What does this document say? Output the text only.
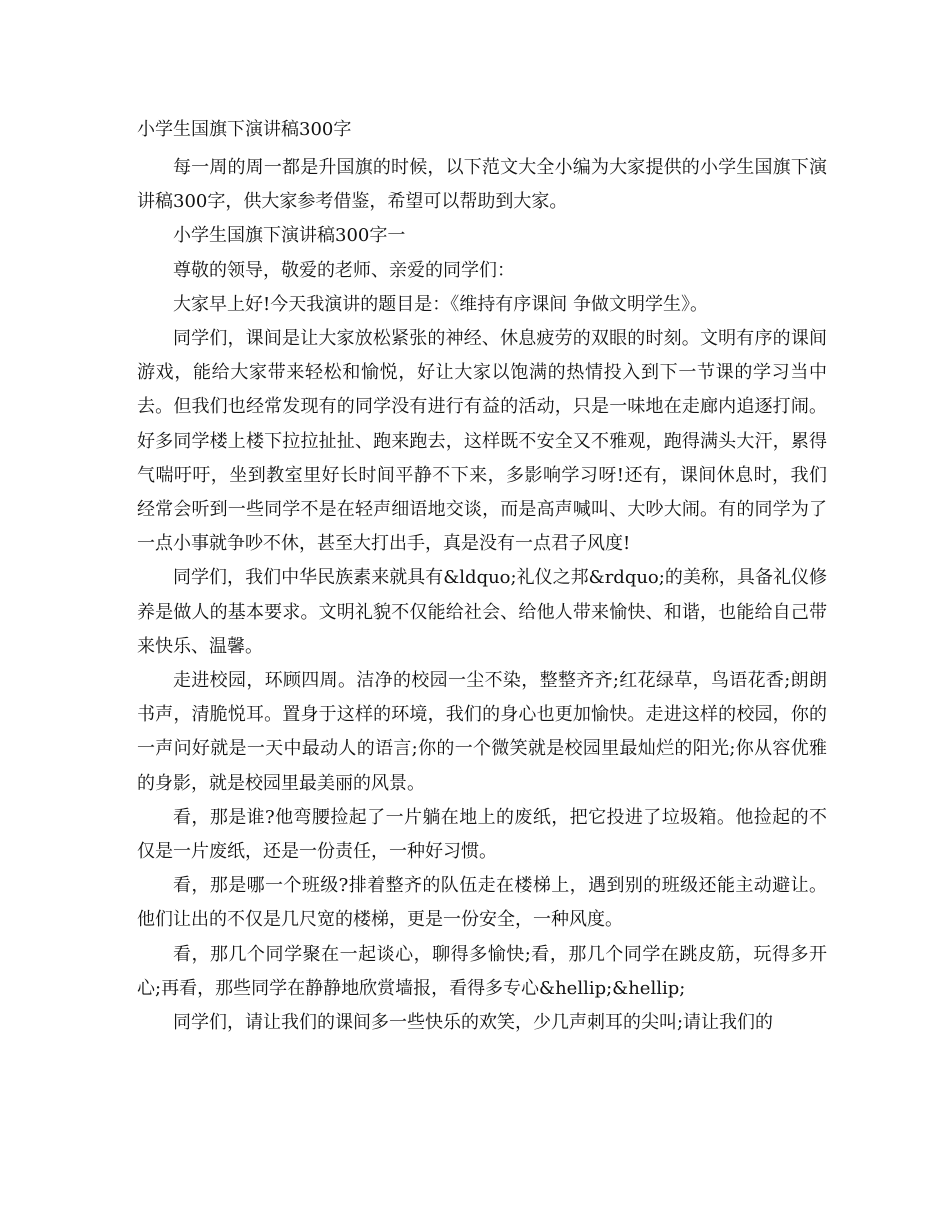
小学生国旗下演讲稿300字

每一周的周一都是升国旗的时候，以下范文大全小编为大家提供的小学生国旗下演讲稿300字，供大家参考借鉴，希望可以帮助到大家。

小学生国旗下演讲稿300字一

尊敬的领导，敬爱的老师、亲爱的同学们：

大家早上好!今天我演讲的题目是：《维持有序课间 争做文明学生》。

同学们，课间是让大家放松紧张的神经、休息疲劳的双眼的时刻。文明有序的课间游戏，能给大家带来轻松和愉悦，好让大家以饱满的热情投入到下一节课的学习当中去。但我们也经常发现有的同学没有进行有益的活动，只是一味地在走廊内追逐打闹。好多同学楼上楼下拉拉扯扯、跑来跑去，这样既不安全又不雅观，跑得满头大汗，累得气喘吁吁，坐到教室里好长时间平静不下来，多影响学习呀!还有，课间休息时，我们经常会听到一些同学不是在轻声细语地交谈，而是高声喊叫、大吵大闹。有的同学为了一点小事就争吵不休，甚至大打出手，真是没有一点君子风度!

同学们，我们中华民族素来就具有&ldquo;礼仪之邦&rdquo;的美称，具备礼仪修养是做人的基本要求。文明礼貌不仅能给社会、给他人带来愉快、和谐，也能给自己带来快乐、温馨。

走进校园，环顾四周。洁净的校园一尘不染，整整齐齐;红花绿草，鸟语花香;朗朗书声，清脆悦耳。置身于这样的环境，我们的身心也更加愉快。走进这样的校园，你的一声问好就是一天中最动人的语言;你的一个微笑就是校园里最灿烂的阳光;你从容优雅的身影，就是校园里最美丽的风景。

看，那是谁?他弯腰捡起了一片躺在地上的废纸，把它投进了垃圾箱。他捡起的不仅是一片废纸，还是一份责任，一种好习惯。

看，那是哪一个班级?排着整齐的队伍走在楼梯上，遇到别的班级还能主动避让。他们让出的不仅是几尺宽的楼梯，更是一份安全，一种风度。

看，那几个同学聚在一起谈心，聊得多愉快;看，那几个同学在跳皮筋，玩得多开心;再看，那些同学在静静地欣赏墙报，看得多专心&hellip;&hellip;

同学们，请让我们的课间多一些快乐的欢笑，少几声刺耳的尖叫;请让我们的
